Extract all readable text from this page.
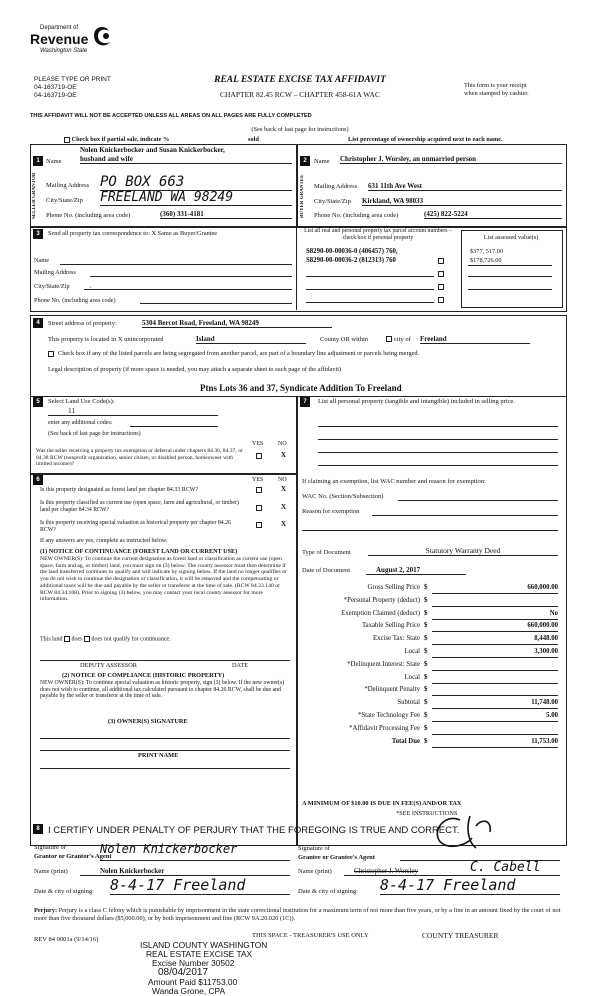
Department of
Revenue
Washington State
PLEASE TYPE OR PRINT
04-163719-OE
04-163719-OE
REAL ESTATE EXCISE TAX AFFIDAVIT
CHAPTER 82.45 RCW – CHAPTER 458-61A WAC
This form is your receipt
when stamped by cashier.
THIS AFFIDAVIT WILL NOT BE ACCEPTED UNLESS ALL AREAS ON ALL PAGES ARE FULLY COMPLETED
(See back of last page for instructions)
Check box if partial sale, indicate %	sold	List percentage of ownership acquired next to each name.
1
SELLER GRANTOR
Nolen Knickerbocker and Susan Knickerbocker,
Name	husband and wife
Mailing Address PO BOX 663
City/State/Zip FREELAND WA 98249
Phone No. (including area code)	(360) 331-4181
2
BUYER GRANTEE
Name Christopher J. Worsley, an unmarried person
Mailing Address 631 11th Ave West
City/State/Zip Kirkland, WA 98033
Phone No. (including area code)	(425) 822-5224
3	Send all property tax correspondence to: X Same as Buyer/Grantee
Name
Mailing Address
City/State/Zip	,
Phone No. (including area code)
List all real and personal property tax parcel account numbers – check box if personal property	List assessed value(s)
S8290-00-00036-0 (406457) 760,
S8290-00-00036-2 (812313) 760
$377, 517.00
$178,726.00
4	Street address of property:	5304 Bercot Road, Freeland, WA 98249
This property is located in X unincorporated	Island	County OR within	city of Freeland
Check box if any of the listed parcels are being segregated from another parcel, are part of a boundary line adjustment or parcels being merged.
Legal description of property (if more space is needed, you may attach a separate sheet to each page of the affidavit)
Ptns Lots 36 and 37, Syndicate Addition To Freeland
5	Select Land Use Code(s):
11
enter any additional codes:
(See back of last page for instructions)
YES NO
Was the seller receiving a property tax exemption or deferral under chapters 84.36, 84.37, or 84.38 RCW (nonprofit organization, senior citizen, or disabled person, homeowner with limited income)?
X
6	YES NO
Is this property designated as forest land per chapter 84.33 RCW?	X
Is this property classified as current use (open space, farm and agricultural, or timber) land per chapter 84.34 RCW?	X
Is this property receiving special valuation as historical property per chapter 84.26 RCW?
X
If any answers are yes, complete as instructed below.
(1) NOTICE OF CONTINUANCE (FOREST LAND OR CURRENT USE)
NEW OWNER(S): To continue the current designation as forest land or classification as current use (open space, farm and ag, or timber) land, you must sign on (3) below. The county assessor must then determine if the land transferred continues to qualify and will indicate by signing below. If the land no longer qualifies or you do not wish to continue the designation or classification, it will be removed and the compensating or additional taxes will be due and payable by the seller or transferor at the time of sale. (RCW 84.33.140 or RCW 84.34.108). Prior to signing (3) below, you may contact your local county assessor for more information.
This land does does not qualify for continuance.
DEPUTY ASSESSOR	DATE
(2) NOTICE OF COMPLIANCE (HISTORIC PROPERTY)
NEW OWNER(S): To continue special valuation as historic property, sign (3) below. If the new owner(s) does not wish to continue, all additional tax calculated pursuant to chapter 84.26 RCW, shall be due and payable by the seller or transferor at the time of sale.
(3) OWNER(S) SIGNATURE
PRINT NAME
7	List all personal property (tangible and intangible) included in selling price.
If claiming an exemption, list WAC number and reason for exemption:
WAC No. (Section/Subsection)
Reason for exemption
Type of Document	Statutory Warranty Deed
Date of Document	August 2, 2017
Gross Selling Price $	660,000.00
*Personal Property (deduct) $
Exemption Claimed (deduct) $	No
Taxable Selling Price $	660,000.00
Excise Tax: State $	8,448.00
Local $	3,300.00
*Delinquent Interest: State $
Local $
*Delinquent Penalty $
Subtotal $	11,748.00
*State Technology Fee $	5.00
*Affidavit Processing Fee $
Total Due $	11,753.00
A MINIMUM OF $10.00 IS DUE IN FEE(S) AND/OR TAX
*SEE INSTRUCTIONS
8 I CERTIFY UNDER PENALTY OF PERJURY THAT THE FOREGOING IS TRUE AND CORRECT.
Signature of
Grantor or Grantor's Agent
Nolen Knickerbocker	Signature of
Grantee or Grantee's Agent
Name (print)	Nolen Knickerbocker	Name (print)	Christopher J. Worsley	C. Cabell
Date & city of signing: 8-4-17 Freeland	Date & city of signing: 8-4-17 Freeland
Perjury: Perjury is a class C felony which is punishable by imprisonment in the state correctional institution for a maximum term of not more than five years, or by a fine in an amount fixed by the court of not more than five thousand dollars ($5,000.00), or by both imprisonment and fine (RCW 9A.20.020 (1C)).
REV 84 0001a (9/14/16)
THIS SPACE - TREASURER'S USE ONLY	COUNTY TREASURER
ISLAND COUNTY WASHINGTON
REAL ESTATE EXCISE TAX
Excise Number 30502
08/04/2017
Amount Paid $11753.00
Wanda Grone, CPA
